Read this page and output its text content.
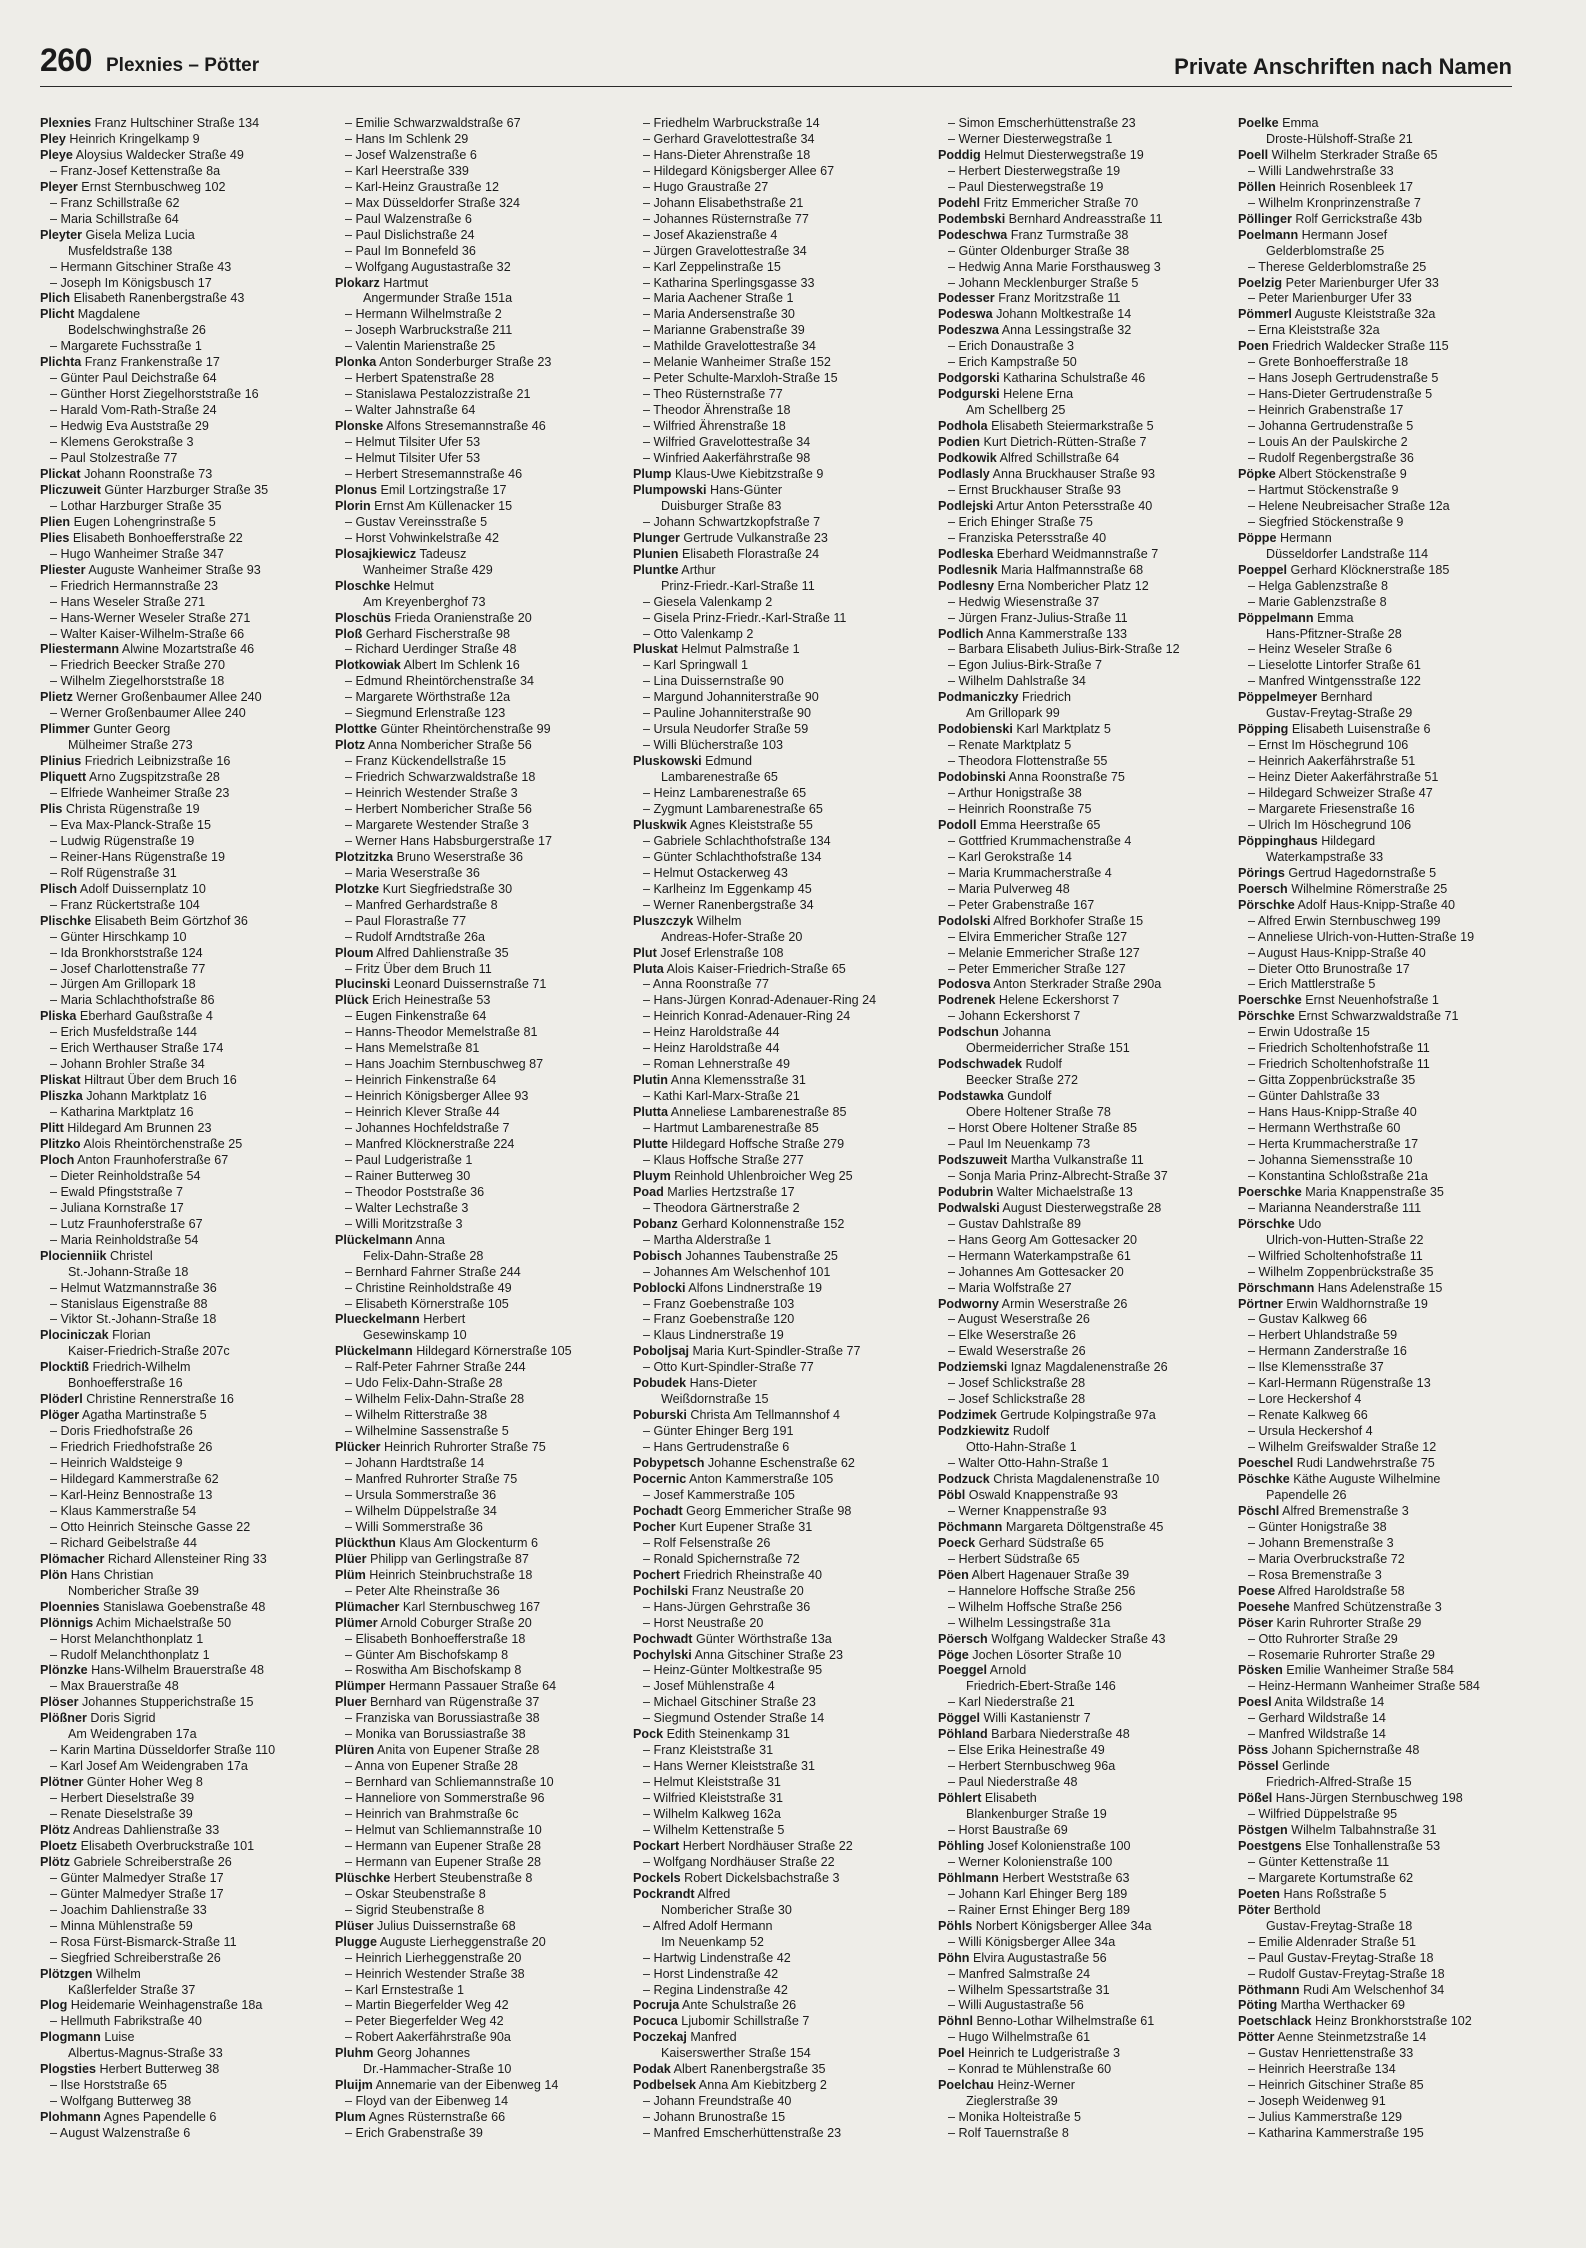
260 Plexnies – Pötter	Private Anschriften nach Namen
Plexnies Franz Hultschiner Straße 134
Pley Heinrich Kringelkamp 9
Pleye Aloysius Waldecker Straße 49
– Franz-Josef Kettenstraße 8a
Pleyer Ernst Sternbuschweg 102
– Franz Schillstraße 62
– Maria Schillstraße 64
Pleyter Gisela Meliza Lucia
Musfeldstraße 138
– Hermann Gitschiner Straße 43
– Joseph Im Königsbusch 17
Plich Elisabeth Ranenbergstraße 43
Plicht Magdalene
Bodelschwinghstraße 26
– Margarete Fuchsstraße 1
Plichta Franz Frankenstraße 17
– Günter Paul Deichstraße 64
– Günther Horst Ziegelhorststraße 16
– Harald Vom-Rath-Straße 24
– Hedwig Eva Auststraße 29
– Klemens Gerokstraße 3
– Paul Stolzestraße 77
Plickat Johann Roonstraße 73
Pliczuweit Günter Harzburger Straße 35
– Lothar Harzburger Straße 35
Plien Eugen Lohengrinstraße 5
Plies Elisabeth Bonhoefferstraße 22
– Hugo Wanheimer Straße 347
Pliester Auguste Wanheimer Straße 93
– Friedrich Hermannstraße 23
– Hans Weseler Straße 271
– Hans-Werner Weseler Straße 271
– Walter Kaiser-Wilhelm-Straße 66
Pliestermann Alwine Mozartstraße 46
– Friedrich Beecker Straße 270
– Wilhelm Ziegelhorststraße 18
Plietz Werner Großenbaumer Allee 240
– Werner Großenbaumer Allee 240
Plimmer Gunter Georg
Mülheimer Straße 273
Plinius Friedrich Leibnizstraße 16
Pliquett Arno Zugspitzstraße 28
– Elfriede Wanheimer Straße 23
Plis Christa Rügenstraße 19
– Eva Max-Planck-Straße 15
– Ludwig Rügenstraße 19
– Reiner-Hans Rügenstraße 19
– Rolf Rügenstraße 31
Plisch Adolf Duissernplatz 10
– Franz Rückertstraße 104
Plischke Elisabeth Beim Görtzhof 36
– Günter Hirschkamp 10
– Ida Bronkhorststraße 124
– Josef Charlottenstraße 77
– Jürgen Am Grillopark 18
– Maria Schlachthofstraße 86
Pliska Eberhard Gaußstraße 4
– Erich Musfeldstraße 144
– Erich Werthauser Straße 174
– Johann Brohler Straße 34
Pliskat Hiltraut Über dem Bruch 16
Pliszka Johann Marktplatz 16
– Katharina Marktplatz 16
Plitt Hildegard Am Brunnen 23
Plitzko Alois Rheintörchenstraße 25
Ploch Anton Fraunhoferstraße 67
– Dieter Reinholdstraße 54
– Ewald Pfingststraße 7
– Juliana Kornstraße 17
– Lutz Fraunhoferstraße 67
– Maria Reinholdstraße 54
Plocienniik Christel
St.-Johann-Straße 18
– Helmut Watzmannstraße 36
– Stanislaus Eigenstraße 88
– Viktor St.-Johann-Straße 18
Plociniczak Florian
Kaiser-Friedrich-Straße 207c
Plocktiß Friedrich-Wilhelm
Bonhoefferstraße 16
Plöderl Christine Rennerstraße 16
Plöger Agatha Martinstraße 5
– Doris Friedhofstraße 26
– Friedrich Friedhofstraße 26
– Heinrich Waldsteige 9
– Hildegard Kammerstraße 62
– Karl-Heinz Bennostraße 13
– Klaus Kammerstraße 54
– Otto Heinrich Steinsche Gasse 22
– Richard Geibelstraße 44
Plömacher Richard Allensteiner Ring 33
Plön Hans Christian
Nombericher Straße 39
Ploennies Stanislawa Goebenstraße 48
Plönnigs Achim Michaelstraße 50
– Horst Melanchthonplatz 1
– Rudolf Melanchthonplatz 1
Plönzke Hans-Wilhelm Brauerstraße 48
– Max Brauerstraße 48
Plöser Johannes Stupperichstraße 15
Plößner Doris Sigrid
Am Weidengraben 17a
– Karin Martina Düsseldorfer Straße 110
– Karl Josef Am Weidengraben 17a
Plötner Günter Hoher Weg 8
– Herbert Dieselstraße 39
– Renate Dieselstraße 39
Plötz Andreas Dahlienstraße 33
Ploetz Elisabeth Overbruckstraße 101
Plötz Gabriele Schreiberstraße 26
– Günter Malmedyer Straße 17
– Günter Malmedyer Straße 17
– Joachim Dahlienstraße 33
– Minna Mühlenstraße 59
– Rosa Fürst-Bismarck-Straße 11
– Siegfried Schreiberstraße 26
Plötzgen Wilhelm
Kaßlerfelder Straße 37
Plog Heidemarie Weinhagenstraße 18a
– Hellmuth Fabrikstraße 40
Plogmann Luise
Albertus-Magnus-Straße 33
Plogsties Herbert Butterweg 38
– Ilse Horststraße 65
– Wolfgang Butterweg 38
Plohmann Agnes Papendelle 6
– August Walzenstraße 6
– Emilie Schwarzwaldstraße 67
– Hans Im Schlenk 29
– Josef Walzenstraße 6
– Karl Heerstraße 339
– Karl-Heinz Graustraße 12
– Max Düsseldorfer Straße 324
– Paul Walzenstraße 6
– Paul Dislichstraße 24
– Paul Im Bonnefeld 36
– Wolfgang Augustastraße 32
Plokarz Hartmut
Angermunder Straße 151a
– Hermann Wilhelmstraße 2
– Joseph Warbruckstraße 211
– Valentin Marienstraße 25
Plonka Anton Sonderburger Straße 23
– Herbert Spatenstraße 28
– Stanislawa Pestalozzistraße 21
– Walter Jahnstraße 64
Plonske Alfons Stresemannstraße 46
– Helmut Tilsiter Ufer 53
– Helmut Tilsiter Ufer 53
– Herbert Stresemannstraße 46
Plonus Emil Lortzingstraße 17
Plorin Ernst Am Küllenacker 15
– Gustav Vereinsstraße 5
– Horst Vohwinkelstraße 42
Plosajkiewicz Tadeusz
Wanheimer Straße 429
Ploschke Helmut
Am Kreyenberghof 73
Ploschüs Frieda Oranienstraße 20
Ploß Gerhard Fischerstraße 98
– Richard Uerdinger Straße 48
Plotkowiak Albert Im Schlenk 16
– Edmund Rheintörchenstraße 34
– Margarete Wörthstraße 12a
– Siegmund Erlenstraße 123
Plottke Günter Rheintörchenstraße 99
Plotz Anna Nombericher Straße 56
– Franz Kückendellstraße 15
– Friedrich Schwarzwaldstraße 18
– Heinrich Westender Straße 3
– Herbert Nombericher Straße 56
– Margarete Westender Straße 3
– Werner Hans Habsburgerstraße 17
Plotzitzka Bruno Weserstraße 36
– Maria Weserstraße 36
Plotzke Kurt Siegfriedstraße 30
– Manfred Gerhardstraße 8
– Paul Florastraße 77
– Rudolf Arndtstraße 26a
Ploum Alfred Dahlienstraße 35
– Fritz Über dem Bruch 11
Plucinski Leonard Duissernstraße 71
Plück Erich Heinestraße 53
– Eugen Finkenstraße 64
– Hanns-Theodor Memelstraße 81
– Hans Memelstraße 81
– Hans Joachim Sternbuschweg 87
– Heinrich Finkenstraße 64
– Heinrich Königsberger Allee 93
– Heinrich Klever Straße 44
– Johannes Hochfeldstraße 7
– Manfred Klöcknerstraße 224
– Paul Ludgeristraße 1
– Rainer Butterweg 30
– Theodor Poststraße 36
– Walter Lechstraße 3
– Willi Moritzstraße 3
Plückelmann Anna
Felix-Dahn-Straße 28
– Bernhard Fahrner Straße 244
– Christine Reinholdstraße 49
– Elisabeth Körnerstraße 105
Plueckelmann Herbert
Gesewinskamp 10
Plückelmann Hildegard Körnerstraße 105
– Ralf-Peter Fahrner Straße 244
– Udo Felix-Dahn-Straße 28
– Wilhelm Felix-Dahn-Straße 28
– Wilhelm Ritterstraße 38
– Wilhelmine Sassenstraße 5
Plücker Heinrich Ruhrorter Straße 75
– Johann Hardtstraße 14
– Manfred Ruhrorter Straße 75
– Ursula Sommerstraße 36
– Wilhelm Düppelstraße 34
– Willi Sommerstraße 36
Plückthun Klaus Am Glockenturm 6
Plüer Philipp van Gerlingstraße 87
Plüm Heinrich Steinbruchstraße 18
– Peter Alte Rheinstraße 36
Plümacher Karl Sternbuschweg 167
Plümer Arnold Coburger Straße 20
– Elisabeth Bonhoefferstraße 18
– Günter Am Bischofskamp 8
– Roswitha Am Bischofskamp 8
Plümper Hermann Passauer Straße 64
Pluer Bernhard van Rügenstraße 37
– Franziska van Borussiastraße 38
– Monika van Borussiastraße 38
Plüren Anita von Eupener Straße 28
– Anna von Eupener Straße 28
– Bernhard van Schliemannstraße 10
– Hanneliore von Sommerstraße 96
– Heinrich van Brahmstraße 6c
– Helmut van Schliemannstraße 10
– Hermann van Eupener Straße 28
– Hermann van Eupener Straße 28
Plüschke Herbert Steubenstraße 8
– Oskar Steubenstraße 8
– Sigrid Steubenstraße 8
Plüser Julius Duissernstraße 68
Plugge Auguste Lierheggenstraße 20
– Heinrich Lierheggenstraße 20
– Heinrich Westender Straße 38
– Karl Ernstestraße 1
– Martin Biegerfelder Weg 42
– Peter Biegerfelder Weg 42
– Robert Aakerfährstraße 90a
Pluhm Georg Johannes
Dr.-Hammacher-Straße 10
Pluijm Annemarie van der Eibenweg 14
– Floyd van der Eibenweg 14
Plum Agnes Rüsternstraße 66
– Erich Grabenstraße 39
– Friedhelm Warbruckstraße 14
– Gerhard Gravelottestraße 34
– Hans-Dieter Ahrenstraße 18
– Hildegard Königsberger Allee 67
– Hugo Graustraße 27
– Johann Elisabethstraße 21
– Johannes Rüsternstraße 77
– Josef Akazienstraße 4
– Jürgen Gravelottestraße 34
– Karl Zeppelinstraße 15
– Katharina Sperlingsgasse 33
– Maria Aachener Straße 1
– Maria Andersenstraße 30
– Marianne Grabenstraße 39
– Mathilde Gravelottestraße 34
– Melanie Wanheimer Straße 152
– Peter Schulte-Marxloh-Straße 15
– Theo Rüsternstraße 77
– Theodor Ährenstraße 18
– Wilfried Ährenstraße 18
– Wilfried Gravelottestraße 34
– Winfried Aakerfährstraße 98
Plump Klaus-Uwe Kiebitzstraße 9
Plumpowski Hans-Günter
Duisburger Straße 83
– Johann Schwartzkopfstraße 7
Plunger Gertrude Vulkanstraße 23
Plunien Elisabeth Florastraße 24
Pluntke Arthur
Prinz-Friedr.-Karl-Straße 11
– Giesela Valenkamp 2
– Gisela Prinz-Friedr.-Karl-Straße 11
– Otto Valenkamp 2
Pluskat Helmut Palmstraße 1
– Karl Springwall 1
– Lina Duissernstraße 90
– Margund Johanniterstraße 90
– Pauline Johanniterstraße 90
– Ursula Neudorfer Straße 59
– Willi Blücherstraße 103
Pluskowski Edmund
Lambarenestraße 65
– Heinz Lambarenestraße 65
– Zygmunt Lambarenestraße 65
Pluskwik Agnes Kleiststraße 55
– Gabriele Schlachthofstraße 134
– Günter Schlachthofstraße 134
– Helmut Ostackerweg 43
– Karlheinz Im Eggenkamp 45
– Werner Ranenbergstraße 34
Pluszczyk Wilhelm
Andreas-Hofer-Straße 20
Plut Josef Erlenstraße 108
Pluta Alois Kaiser-Friedrich-Straße 65
– Anna Roonstraße 77
– Hans-Jürgen Konrad-Adenauer-Ring 24
– Heinrich Konrad-Adenauer-Ring 24
– Heinz Haroldstraße 44
– Heinz Haroldstraße 44
– Roman Lehnerstraße 49
Plutin Anna Klemensstraße 31
– Kathi Karl-Marx-Straße 21
Plutta Anneliese Lambarenestraße 85
– Hartmut Lambarenestraße 85
Plutte Hildegard Hoffsche Straße 279
– Klaus Hoffsche Straße 277
Pluym Reinhold Uhlenbroicher Weg 25
Poad Marlies Hertzstraße 17
– Theodora Gärtnerstraße 2
Pobanz Gerhard Kolonnenstraße 152
– Martha Alderstraße 1
Pobisch Johannes Taubenstraße 25
– Johannes Am Welschenhof 101
Poblocki Alfons Lindnerstraße 19
– Franz Goebenstraße 103
– Franz Goebenstraße 120
– Klaus Lindnerstraße 19
Poboljsaj Maria Kurt-Spindler-Straße 77
– Otto Kurt-Spindler-Straße 77
Pobudek Hans-Dieter
Weißdornstraße 15
Poburski Christa Am Tellmannshof 4
– Günter Ehinger Berg 191
– Hans Gertrudenstraße 6
Pobypetsch Johanne Eschenstraße 62
Pocernic Anton Kammerstraße 105
– Josef Kammerstraße 105
Pochadt Georg Emmericher Straße 98
Pocher Kurt Eupener Straße 31
– Rolf Felsenstraße 26
– Ronald Spichernstraße 72
Pochert Friedrich Rheinstraße 40
Pochilski Franz Neustraße 20
– Hans-Jürgen Gehrstraße 36
– Horst Neustraße 20
Pochwadt Günter Wörthstraße 13a
Pochylski Anna Gitschiner Straße 23
– Heinz-Günter Moltkestraße 95
– Josef Mühlenstraße 4
– Michael Gitschiner Straße 23
– Siegmund Ostender Straße 14
Pock Edith Steinenkamp 31
– Franz Kleiststraße 31
– Hans Werner Kleiststraße 31
– Helmut Kleiststraße 31
– Wilfried Kleiststraße 31
– Wilhelm Kalkweg 162a
– Wilhelm Kettenstraße 5
Pockart Herbert Nordhäuser Straße 22
– Wolfgang Nordhäuser Straße 22
Pockels Robert Dickelsbachstraße 3
Pockrandt Alfred
Nombericher Straße 30
– Alfred Adolf Hermann
Im Neuenkamp 52
– Hartwig Lindenstraße 42
– Horst Lindenstraße 42
– Regina Lindenstraße 42
Pocruja Ante Schulstraße 26
Pocuca Ljubomir Schillstraße 7
Poczekaj Manfred
Kaiserswerther Straße 154
Podak Albert Ranenbergstraße 35
Podbelsek Anna Am Kiebitzberg 2
– Johann Freundstraße 40
– Johann Brunostraße 15
– Manfred Emscherhüttenstraße 23
– Simon Emscherhüttenstraße 23
– Werner Diesterwegstraße 1
Poddig Helmut Diesterwegstraße 19
– Herbert Diesterwegstraße 19
– Paul Diesterwegstraße 19
Podehl Fritz Emmericher Straße 70
Podembski Bernhard Andreasstraße 11
Podeschwa Franz Turmstraße 38
– Günter Oldenburger Straße 38
– Hedwig Anna Marie Forsthausweg 3
– Johann Mecklenburger Straße 5
Podesser Franz Moritzstraße 11
Podeswa Johann Moltkestraße 14
Podeszwa Anna Lessingstraße 32
– Erich Donaustraße 3
– Erich Kampstraße 50
Podgorski Katharina Schulstraße 46
Podgurski Helene Erna
Am Schellberg 25
Podhola Elisabeth Steiermarkstraße 5
Podien Kurt Dietrich-Rütten-Straße 7
Podkowik Alfred Schillstraße 64
Podlasly Anna Bruckhauser Straße 93
– Ernst Bruckhauser Straße 93
Podlejski Artur Anton Petersstraße 40
– Erich Ehinger Straße 75
– Franziska Petersstraße 40
Podleska Eberhard Weidmannstraße 7
Podlesnik Maria Halfmannstraße 68
Podlesny Erna Nombericher Platz 12
– Hedwig Wiesenstraße 37
– Jürgen Franz-Julius-Straße 11
Podlich Anna Kammerstraße 133
– Barbara Elisabeth Julius-Birk-Straße 12
– Egon Julius-Birk-Straße 7
– Wilhelm Dahlstraße 34
Podmaniczky Friedrich
Am Grillopark 99
Podobienski Karl Marktplatz 5
– Renate Marktplatz 5
– Theodora Flottenstraße 55
Podobinski Anna Roonstraße 75
– Arthur Honigstraße 38
– Heinrich Roonstraße 75
Podoll Emma Heerstraße 65
– Gottfried Krummachenstraße 4
– Karl Gerokstraße 14
– Maria Krummacherstraße 4
– Maria Pulverweg 48
– Peter Grabenstraße 167
Podolski Alfred Borkhofer Straße 15
– Elvira Emmericher Straße 127
– Melanie Emmericher Straße 127
– Peter Emmericher Straße 127
Podosva Anton Sterkrader Straße 290a
Podrenek Helene Eckershorst 7
– Johann Eckershorst 7
Podschun Johanna
Obermeiderricher Straße 151
Podschwadek Rudolf
Beecker Straße 272
Podstawka Gundolf
Obere Holtener Straße 78
– Horst Obere Holtener Straße 85
– Paul Im Neuenkamp 73
Podszuweit Martha Vulkanstraße 11
– Sonja Maria Prinz-Albrecht-Straße 37
Podubrin Walter Michaelstraße 13
Podwalski August Diesterwegstraße 28
– Gustav Dahlstraße 89
– Hans Georg Am Gottesacker 20
– Hermann Waterkampstraße 61
– Johannes Am Gottesacker 20
– Maria Wolfstraße 27
Podworny Armin Weserstraße 26
– August Weserstraße 26
– Elke Weserstraße 26
– Ewald Weserstraße 26
Podziemski Ignaz Magdalenenstraße 26
– Josef Schlickstraße 28
– Josef Schlickstraße 28
Podzimek Gertrude Kolpingstraße 97a
Podzkiewitz Rudolf
Otto-Hahn-Straße 1
– Walter Otto-Hahn-Straße 1
Podzuck Christa Magdalenenstraße 10
Pöbl Oswald Knappenstraße 93
– Werner Knappenstraße 93
Pöchmann Margareta Döltgenstraße 45
Poeck Gerhard Südstraße 65
– Herbert Südstraße 65
Pöen Albert Hagenauer Straße 39
– Hannelore Hoffsche Straße 256
– Wilhelm Hoffsche Straße 256
– Wilhelm Lessingstraße 31a
Pöersch Wolfgang Waldecker Straße 43
Pöge Jochen Lösorter Straße 10
Poeggel Arnold
Friedrich-Ebert-Straße 146
– Karl Niederstraße 21
Pöggel Willi Kastanienstr 7
Pöhland Barbara Niederstraße 48
– Else Erika Heinestraße 49
– Herbert Sternbuschweg 96a
– Paul Niederstraße 48
Pöhlert Elisabeth
Blankenburger Straße 19
– Horst Baustraße 69
Pöhling Josef Kolonienstraße 100
– Werner Kolonienstraße 100
Pöhlmann Herbert Weststraße 63
– Johann Karl Ehinger Berg 189
– Rainer Ernst Ehinger Berg 189
Pöhls Norbert Königsberger Allee 34a
– Willi Königsberger Allee 34a
Pöhn Elvira Augustastraße 56
– Manfred Salmstraße 24
– Wilhelm Spessartstraße 31
– Willi Augustastraße 56
Pöhnl Benno-Lothar Wilhelmstraße 61
– Hugo Wilhelmstraße 61
Poel Heinrich te Ludgeristraße 3
– Konrad te Mühlenstraße 60
Poelchau Heinz-Werner
Zieglerstraße 39
– Monika Holteistraße 5
– Rolf Tauernstraße 8
Poelke Emma
Droste-Hülshoff-Straße 21
Poell Wilhelm Sterkrader Straße 65
– Willi Landwehrstraße 33
Pöllen Heinrich Rosenbleek 17
– Wilhelm Kronprinzenstraße 7
Pöllinger Rolf Gerrickstraße 43b
Poelmann Hermann Josef
Gelderblomstraße 25
– Therese Gelderblomstraße 25
Poelzig Peter Marienburger Ufer 33
– Peter Marienburger Ufer 33
Pömmerl Auguste Kleiststraße 32a
– Erna Kleiststraße 32a
Poen Friedrich Waldecker Straße 115
– Grete Bonhoefferstraße 18
– Hans Joseph Gertrudenstraße 5
– Hans-Dieter Gertrudenstraße 5
– Heinrich Grabenstraße 17
– Johanna Gertrudenstraße 5
– Louis An der Paulskirche 2
– Rudolf Regenbergstraße 36
Pöpke Albert Stöckenstraße 9
– Hartmut Stöckenstraße 9
– Helene Neubreisacher Straße 12a
– Siegfried Stöckenstraße 9
Pöppe Hermann
Düsseldorfer Landstraße 114
Poeppel Gerhard Klöcknerstraße 185
– Helga Gablenzstraße 8
– Marie Gablenzstraße 8
Pöppelmann Emma
Hans-Pfitzner-Straße 28
– Heinz Weseler Straße 6
– Lieselotte Lintorfer Straße 61
– Manfred Wintgensstraße 122
Pöppelmeyer Bernhard
Gustav-Freytag-Straße 29
Pöpping Elisabeth Luisenstraße 6
– Ernst Im Höschegrund 106
– Heinrich Aakerfährstraße 51
– Heinz Dieter Aakerfährstraße 51
– Hildegard Schweizer Straße 47
– Margarete Friesenstraße 16
– Ulrich Im Höschegrund 106
Pöppinghaus Hildegard
Waterkampstraße 33
Pörings Gertrud Hagedornstraße 5
Poersch Wilhelmine Römerstraße 25
Pörschke Adolf Haus-Knipp-Straße 40
– Alfred Erwin Sternbuschweg 199
– Anneliese Ulrich-von-Hutten-Straße 19
– August Haus-Knipp-Straße 40
– Dieter Otto Brunostraße 17
– Erich Mattlerstraße 5
Poerschke Ernst Neuenhofstraße 1
Pörschke Ernst Schwarzwaldstraße 71
– Erwin Udostraße 15
– Friedrich Scholtenhofstraße 11
– Friedrich Scholtenhofstraße 11
– Gitta Zoppenbrückstraße 35
– Günter Dahlstraße 33
– Hans Haus-Knipp-Straße 40
– Hermann Werthstraße 60
– Herta Krummacherstraße 17
– Johanna Siemensstraße 10
– Konstantina Schloßstraße 21a
Poerschke Maria Knappenstraße 35
– Marianna Neanderstraße 111
Pörschke Udo
Ulrich-von-Hutten-Straße 22
– Wilfried Scholtenhofstraße 11
– Wilhelm Zoppenbrückstraße 35
Pörschmann Hans Adelenstraße 15
Pörtner Erwin Waldhornstraße 19
– Gustav Kalkweg 66
– Herbert Uhlandstraße 59
– Hermann Zanderstraße 16
– Ilse Klemensstraße 37
– Karl-Hermann Rügenstraße 13
– Lore Heckershof 4
– Renate Kalkweg 66
– Ursula Heckershof 4
– Wilhelm Greifswalder Straße 12
Poeschel Rudi Landwehrstraße 75
Pöschke Käthe Auguste Wilhelmine
Papendelle 26
Pöschl Alfred Bremenstraße 3
– Günter Honigstraße 38
– Johann Bremenstraße 3
– Maria Overbruckstraße 72
– Rosa Bremenstraße 3
Poese Alfred Haroldstraße 58
Poesehe Manfred Schützenstraße 3
Pöser Karin Ruhrorter Straße 29
– Otto Ruhrorter Straße 29
– Rosemarie Ruhrorter Straße 29
Pösken Emilie Wanheimer Straße 584
– Heinz-Hermann Wanheimer Straße 584
Poesl Anita Wildstraße 14
– Gerhard Wildstraße 14
– Manfred Wildstraße 14
Pöss Johann Spichernstraße 48
Pössel Gerlinde
Friedrich-Alfred-Straße 15
Pößel Hans-Jürgen Sternbuschweg 198
– Wilfried Düppelstraße 95
Pöstgen Wilhelm Talbahnstraße 31
Poestgens Else Tonhallenstraße 53
– Günter Kettenstraße 11
– Margarete Kortumstraße 62
Poeten Hans Roßstraße 5
Pöter Berthold
Gustav-Freytag-Straße 18
– Emilie Aldenrader Straße 51
– Paul Gustav-Freytag-Straße 18
– Rudolf Gustav-Freytag-Straße 18
Pöthmann Rudi Am Welschenhof 34
Pöting Martha Werthacker 69
Poetschlack Heinz Bronkhorststraße 102
Pötter Aenne Steinmetzstraße 14
– Gustav Henriettenstraße 33
– Heinrich Heerstraße 134
– Heinrich Gitschiner Straße 85
– Joseph Weidenweg 91
– Julius Kammerstraße 129
– Katharina Kammerstraße 195
